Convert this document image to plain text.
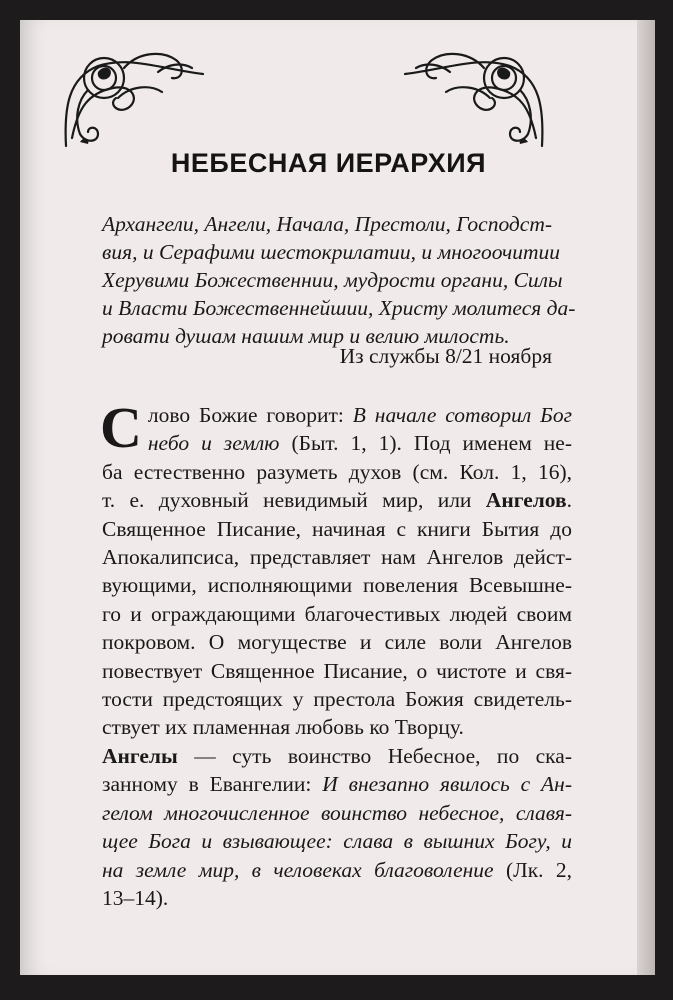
НЕБЕСНАЯ ИЕРАРХИЯ
Архангели, Ангели, Начала, Престоли, Господст-
вия, и Серафими шестокрилатии, и многоочитии
Херувими Божественнии, мудрости органи, Силы
и Власти Божественнейшии, Христу молитеся да-
ровати душам нашим мир и велию милость.
Из службы 8/21 ноября
С лово Божие говорит: В начале сотворил Бог
небо и землю (Быт. 1, 1). Под именем не-
ба естественно разуметь духов (см. Кол. 1, 16),
т. е. духовный невидимый мир, или Ангелов.
Священное Писание, начиная с книги Бытия до
Апокалипсиса, представляет нам Ангелов дейст-
вующими, исполняющими повеления Всевышне-
го и ограждающими благочестивых людей своим
покровом. О могуществе и силе воли Ангелов
повествует Священное Писание, о чистоте и свя-
тости предстоящих у престола Божия свидетель-
ствует их пламенная любовь ко Творцу.
Ангелы — суть воинство Небесное, по ска-
занному в Евангелии: И внезапно явилось с Ан-
гелом многочисленное воинство небесное, славя-
щее Бога и взывающее: слава в вышних Богу, и
на земле мир, в человеках благоволение (Лк. 2,
13–14).
